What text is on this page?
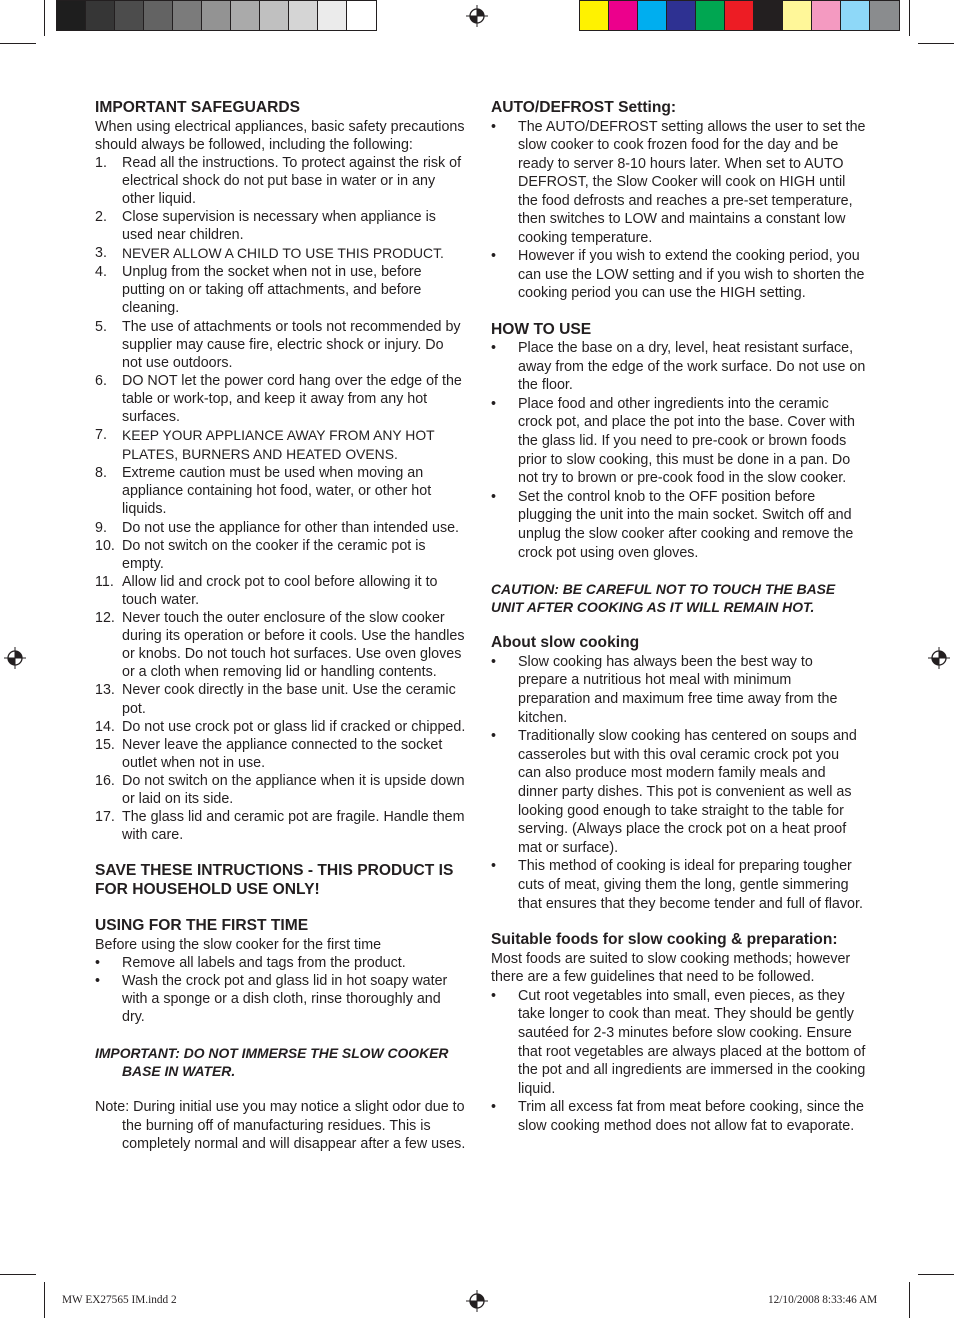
IMPORTANT SAFEGUARDS

When using electrical appliances, basic safety precautions should always be followed, including the following:

1. Read all the instructions. To protect against the risk of electrical shock do not put base in water or in any other liquid.
2. Close supervision is necessary when appliance is used near children.
3. NEVER ALLOW A CHILD TO USE THIS PRODUCT.
4. Unplug from the socket when not in use, before putting on or taking off attachments, and before cleaning.
5. The use of attachments or tools not recommended by supplier may cause fire, electric shock or injury. Do not use outdoors.
6. DO NOT let the power cord hang over the edge of the table or work-top, and keep it away from any hot surfaces.
7. KEEP YOUR APPLIANCE AWAY FROM ANY HOT PLATES, BURNERS AND HEATED OVENS.
8. Extreme caution must be used when moving an appliance containing hot food, water, or other hot liquids.
9. Do not use the appliance for other than intended use.
10. Do not switch on the cooker if the ceramic pot is empty.
11. Allow lid and crock pot to cool before allowing it to touch water.
12. Never touch the outer enclosure of the slow cooker during its operation or before it cools. Use the handles or knobs. Do not touch hot surfaces. Use oven gloves or a cloth when removing lid or handling contents.
13. Never cook directly in the base unit. Use the ceramic pot.
14. Do not use crock pot or glass lid if cracked or chipped.
15. Never leave the appliance connected to the socket outlet when not in use.
16. Do not switch on the appliance when it is upside down or laid on its side.
17. The glass lid and ceramic pot are fragile. Handle them with care.
SAVE THESE INTRUCTIONS - THIS PRODUCT IS FOR HOUSEHOLD USE ONLY!
USING FOR THE FIRST TIME

Before using the slow cooker for the first time

•	Remove all labels and tags from the product.
•	Wash the crock pot and glass lid in hot soapy water with a sponge or a dish cloth, rinse thoroughly and dry.

IMPORTANT: DO NOT IMMERSE THE SLOW COOKER BASE IN WATER.

Note: During initial use you may notice a slight odor due to the burning off of manufacturing residues. This is completely normal and will disappear after a few uses.

AUTO/DEFROST Setting:
•	The AUTO/DEFROST setting allows the user to set the slow cooker to cook frozen food for the day and be ready to server 8-10 hours later. When set to AUTO DEFROST, the Slow Cooker will cook on HIGH until the food defrosts and reaches a pre-set temperature, then switches to LOW and maintains a constant low cooking temperature.
•	However if you wish to extend the cooking period, you can use the LOW setting and if you wish to shorten the cooking period you can use the HIGH setting.
HOW TO USE
•	Place the base on a dry, level, heat resistant surface, away from the edge of the work surface. Do not use on the floor.
•	Place food and other ingredients into the ceramic crock pot, and place the pot into the base. Cover with the glass lid. If you need to pre-cook or brown foods prior to slow cooking, this must be done in a pan. Do not try to brown or pre-cook food in the slow cooker.
•	Set the control knob to the OFF position before plugging the unit into the main socket. Switch off and unplug the slow cooker after cooking and remove the crock pot using oven gloves.

CAUTION: BE CAREFUL NOT TO TOUCH THE BASE UNIT AFTER COOKING AS IT WILL REMAIN HOT.

About slow cooking
•	Slow cooking has always been the best way to prepare a nutritious hot meal with minimum preparation and maximum free time away from the kitchen.
•	Traditionally slow cooking has centered on soups and casseroles but with this oval ceramic crock pot you can also produce most modern family meals and dinner party dishes. This pot is convenient as well as looking good enough to take straight to the table for serving. (Always place the crock pot on a heat proof mat or surface).
•	This method of cooking is ideal for preparing tougher cuts of meat, giving them the long, gentle simmering that ensures that they become tender and full of flavor.
Suitable foods for slow cooking & preparation:

Most foods are suited to slow cooking methods; however there are a few guidelines that need to be followed.

•	Cut root vegetables into small, even pieces, as they take longer to cook than meat. They should be gently sautéed for 2-3 minutes before slow cooking. Ensure that root vegetables are always placed at the bottom of the pot and all ingredients are immersed in the cooking liquid.
•	Trim all excess fat from meat before cooking, since the slow cooking method does not allow fat to evaporate.
MW EX27565 IM.indd 2	12/10/2008 8:33:46 AM
